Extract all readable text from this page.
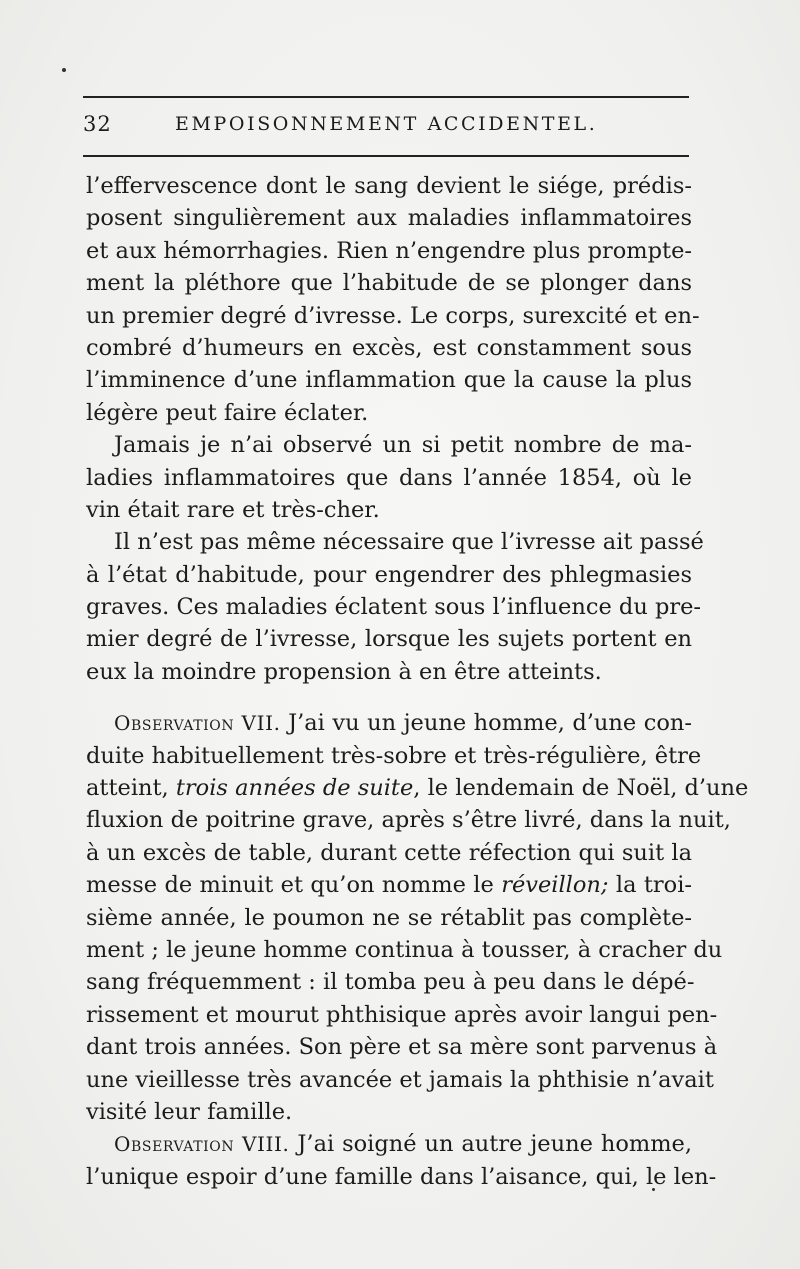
32	EMPOISONNEMENT ACCIDENTEL.
l’effervescence dont le sang devient le siége, prédis-
posent singulièrement aux maladies inflammatoires
et aux hémorrhagies. Rien n’engendre plus prompte-
ment la pléthore que l’habitude de se plonger dans
un premier degré d’ivresse. Le corps, surexcité et en-
combré d’humeurs en excès, est constamment sous
l’imminence d’une inflammation que la cause la plus
légère peut faire éclater.
Jamais je n’ai observé un si petit nombre de ma-
ladies inflammatoires que dans l’année 1854, où le
vin était rare et très-cher.
Il n’est pas même nécessaire que l’ivresse ait passé
à l’état d’habitude, pour engendrer des phlegmasies
graves. Ces maladies éclatent sous l’influence du pre-
mier degré de l’ivresse, lorsque les sujets portent en
eux la moindre propension à en être atteints.
Observation VII. J’ai vu un jeune homme, d’une con-
duite habituellement très-sobre et très-régulière, être
atteint, trois années de suite, le lendemain de Noël, d’une
fluxion de poitrine grave, après s’être livré, dans la nuit,
à un excès de table, durant cette réfection qui suit la
messe de minuit et qu’on nomme le réveillon; la troi-
sième année, le poumon ne se rétablit pas complète-
ment ; le jeune homme continua à tousser, à cracher du
sang fréquemment : il tomba peu à peu dans le dépé-
rissement et mourut phthisique après avoir langui pen-
dant trois années. Son père et sa mère sont parvenus à
une vieillesse très avancée et jamais la phthisie n’avait
visité leur famille.
Observation VIII. J’ai soigné un autre jeune homme,
l’unique espoir d’une famille dans l’aisance, qui, le len-
